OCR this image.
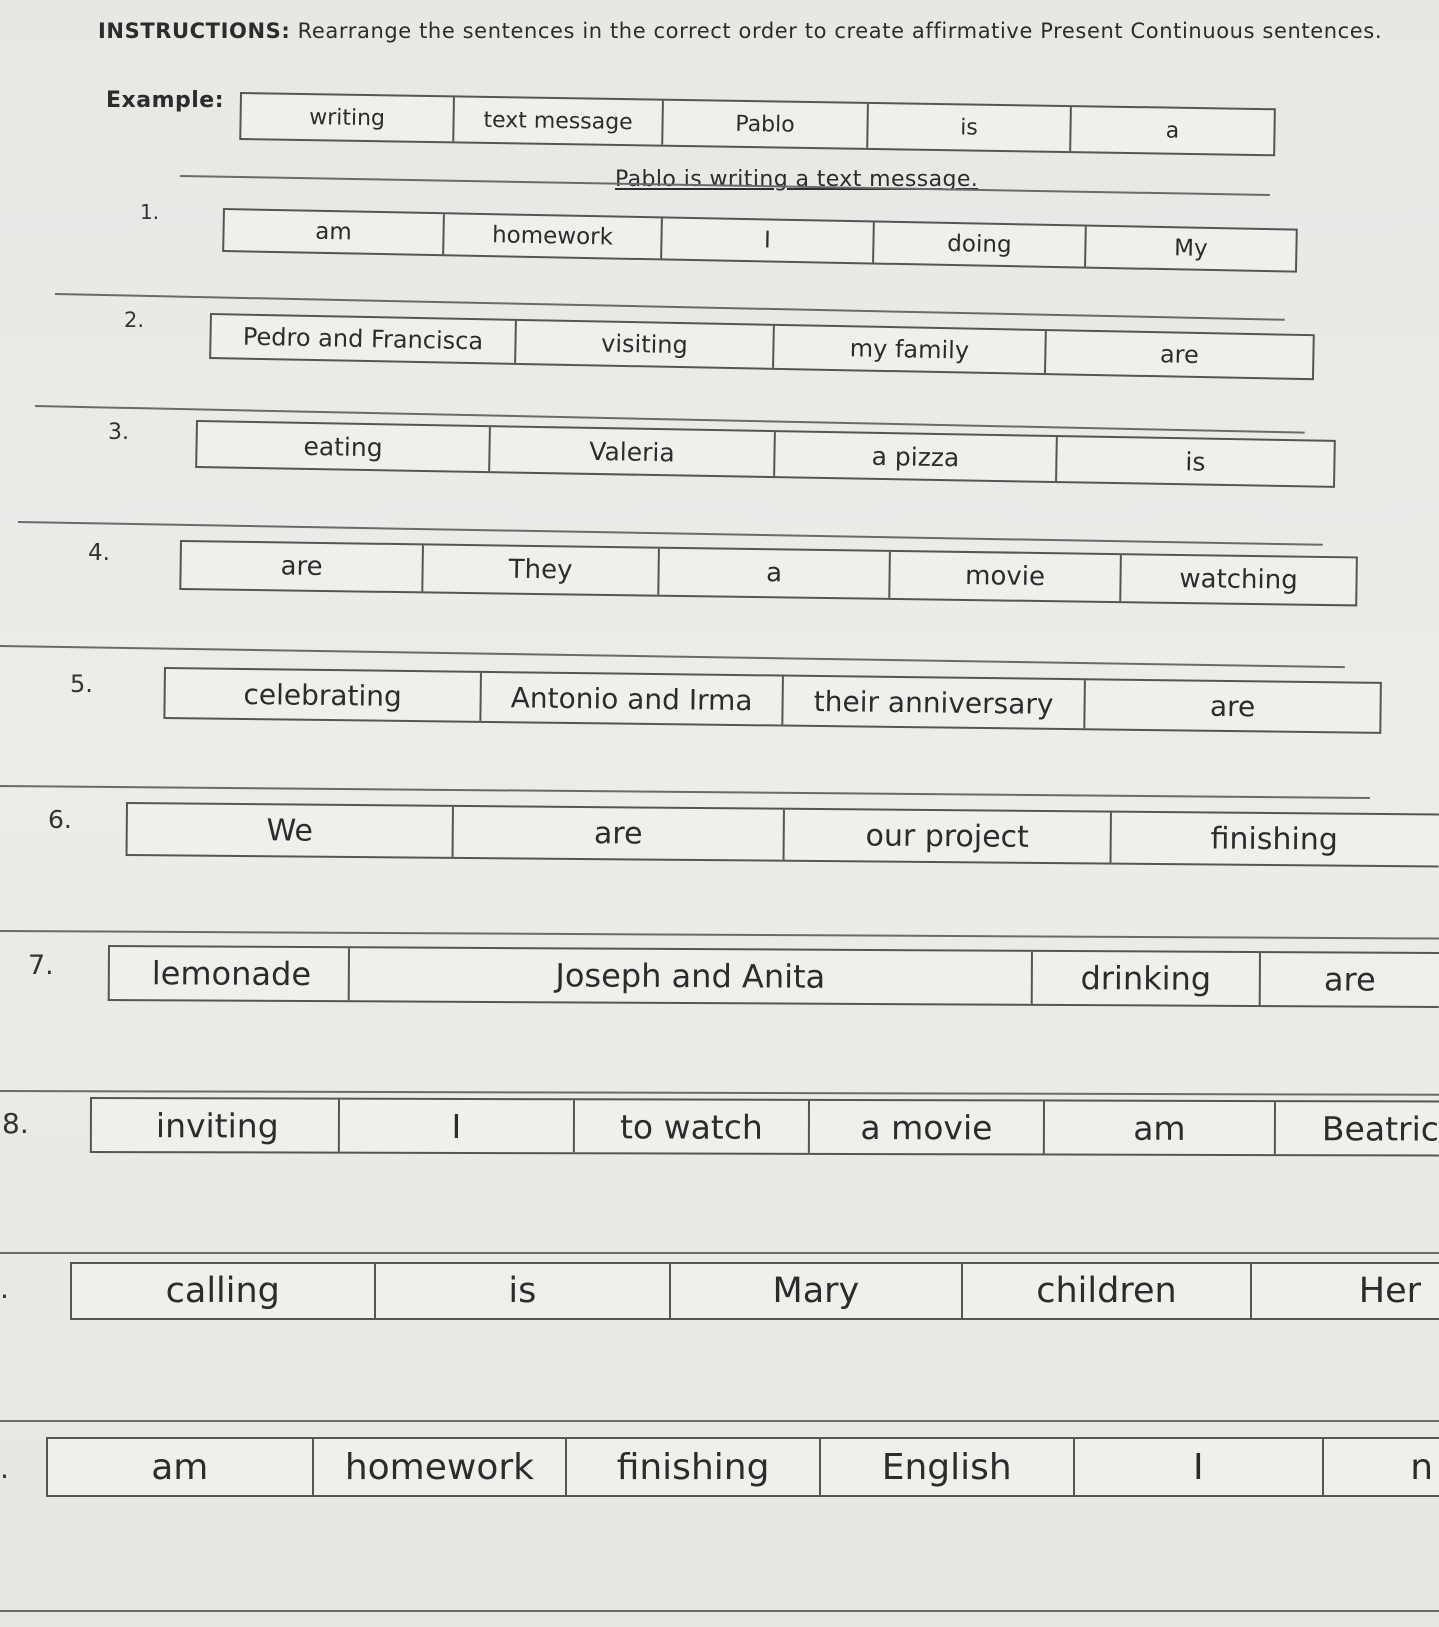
INSTRUCTIONS: Rearrange the sentences in the correct order to create affirmative Present Continuous sentences.
Example:
writing	text message	Pablo	is	a
Pablo is writing a text message.
1.
am	homework	I	doing	My
2.
Pedro and Francisca	visiting	my family	are
3.	eating	Valeria	a pizza	is
4.	are	They	a	movie	watching
5.	celebrating	Antonio and Irma	their anniversary	are
6.	We	are	our project	finishing
7.	lemonade	Joseph and Anita	drinking	are
8.	inviting	I	to watch	a movie	am	Beatric
.	calling	is	Mary	children	Her
.	am	homework	finishing	English	I	n
